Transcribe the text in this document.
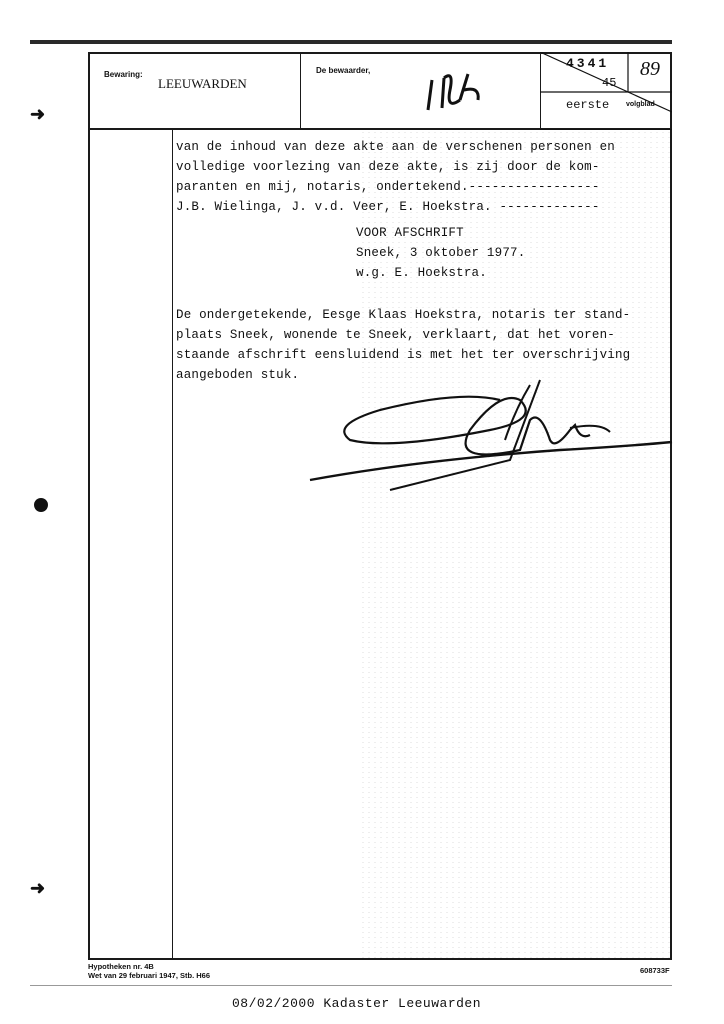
➜
➜
Bewaring:
LEEUWARDEN
De bewaarder,	4341
45
89
eerste volgblad
van de inhoud van deze akte aan de verschenen personen en
volledige voorlezing van deze akte, is zij door de kom-
paranten en mij, notaris, ondertekend.-----------------
J.B. Wielinga, J. v.d. Veer, E. Hoekstra. -------------
VOOR AFSCHRIFT
Sneek, 3 oktober 1977.
w.g. E. Hoekstra.
De ondergetekende, Eesge Klaas Hoekstra, notaris ter stand-
plaats Sneek, wonende te Sneek, verklaart, dat het voren-
staande afschrift eensluidend is met het ter overschrijving
aangeboden stuk.
Hypotheken nr. 4B
Wet van 29 februari 1947, Stb. H66
608733F
08/02/2000 Kadaster Leeuwarden
